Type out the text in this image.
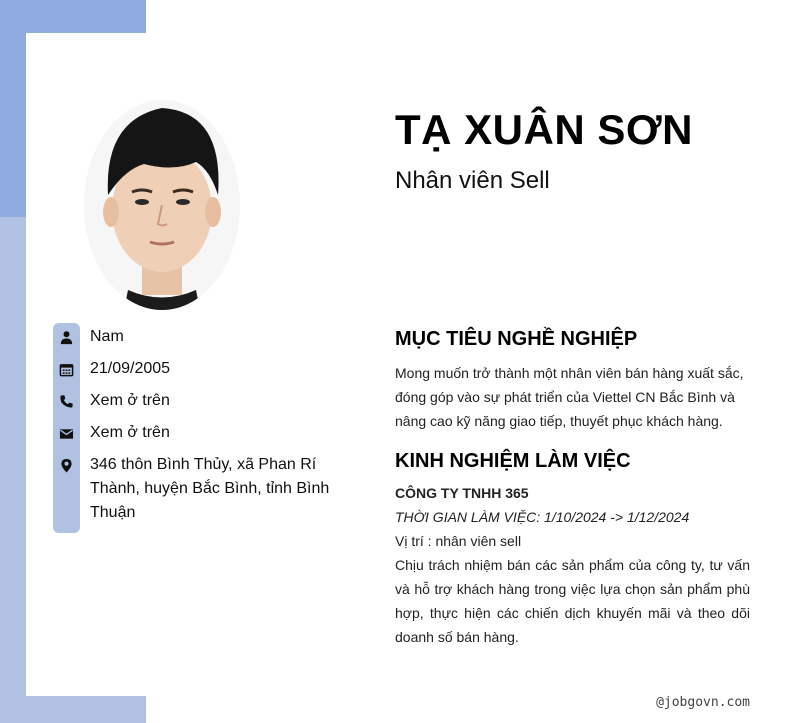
Nam
21/09/2005
Xem ở trên
Xem ở trên
346 thôn Bình Thủy, xã Phan Rí Thành, huyện Bắc Bình, tỉnh Bình Thuận
TẠ XUÂN SƠN
Nhân viên Sell
MỤC TIÊU NGHỀ NGHIỆP
Mong muốn trở thành một nhân viên bán hàng xuất sắc, đóng góp vào sự phát triển của Viettel CN Bắc Bình và nâng cao kỹ năng giao tiếp, thuyết phục khách hàng.
KINH NGHIỆM LÀM VIỆC
CÔNG TY TNHH 365
THỜI GIAN LÀM VIỆC: 1/10/2024 -> 1/12/2024
Vị trí : nhân viên sell
Chịu trách nhiệm bán các sản phẩm của công ty, tư vấn và hỗ trợ khách hàng trong việc lựa chọn sản phẩm phù hợp, thực hiện các chiến dịch khuyến mãi và theo dõi doanh số bán hàng.
@jobgovn.com
